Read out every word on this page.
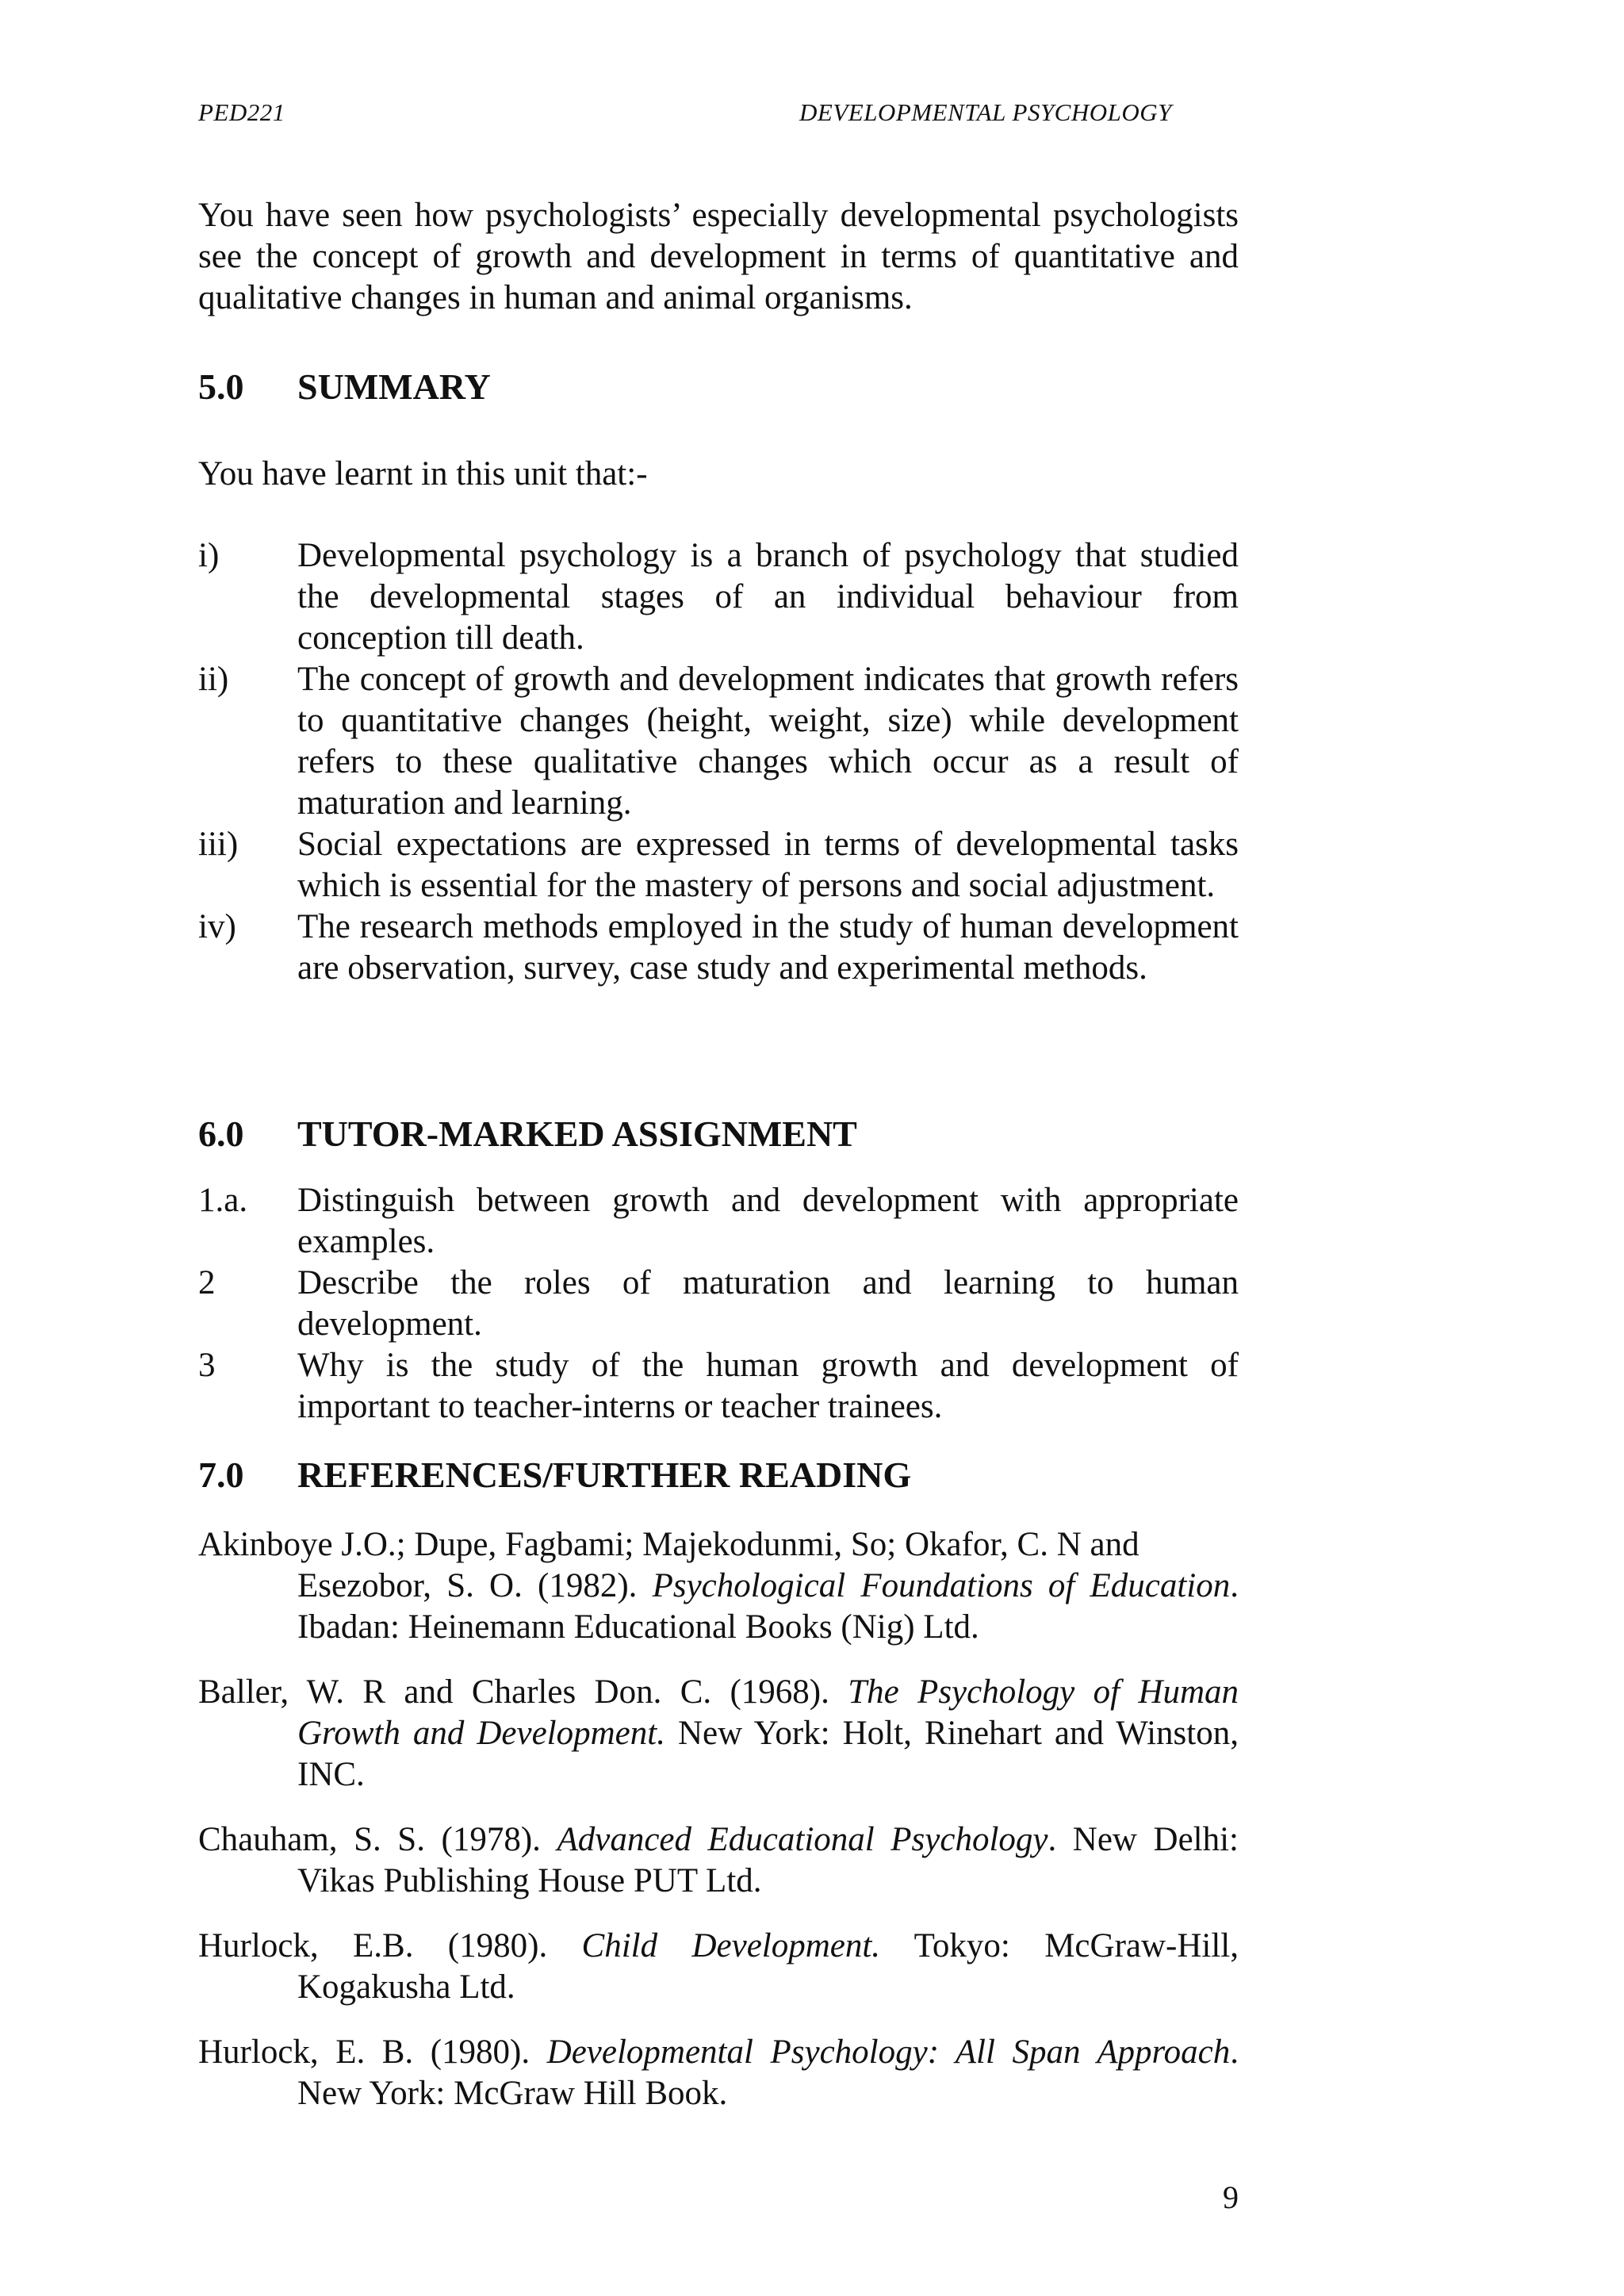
PED221	DEVELOPMENTAL PSYCHOLOGY
You have seen how psychologists’ especially developmental psychologists see the concept of growth and development in terms of quantitative and qualitative changes in human and animal organisms.
5.0 SUMMARY
You have learnt in this unit that:-
i)	Developmental psychology is a branch of psychology that studied the developmental stages of an individual behaviour from conception till death.
ii)	The concept of growth and development indicates that growth refers to quantitative changes (height, weight, size) while development refers to these qualitative changes which occur as a result of maturation and learning.
iii)	Social expectations are expressed in terms of developmental tasks which is essential for the mastery of persons and social adjustment.
iv)	The research methods employed in the study of human development are observation, survey, case study and experimental methods.
6.0 TUTOR-MARKED ASSIGNMENT
1.a.	Distinguish between growth and development with appropriate examples.
2	Describe the roles of maturation and learning to human development.
3	Why is the study of the human growth and development of important to teacher-interns or teacher trainees.
7.0 REFERENCES/FURTHER READING
Akinboye J.O.; Dupe, Fagbami; Majekodunmi, So; Okafor, C. N and
Esezobor, S. O. (1982). Psychological Foundations of Education. Ibadan: Heinemann Educational Books (Nig) Ltd.
Baller, W. R and Charles Don. C. (1968). The Psychology of Human Growth and Development. New York: Holt, Rinehart and Winston, INC.
Chauham, S. S. (1978). Advanced Educational Psychology. New Delhi: Vikas Publishing House PUT Ltd.
Hurlock, E.B. (1980). Child Development. Tokyo: McGraw-Hill, Kogakusha Ltd.
Hurlock, E. B. (1980). Developmental Psychology: All Span Approach. New York: McGraw Hill Book.
9
